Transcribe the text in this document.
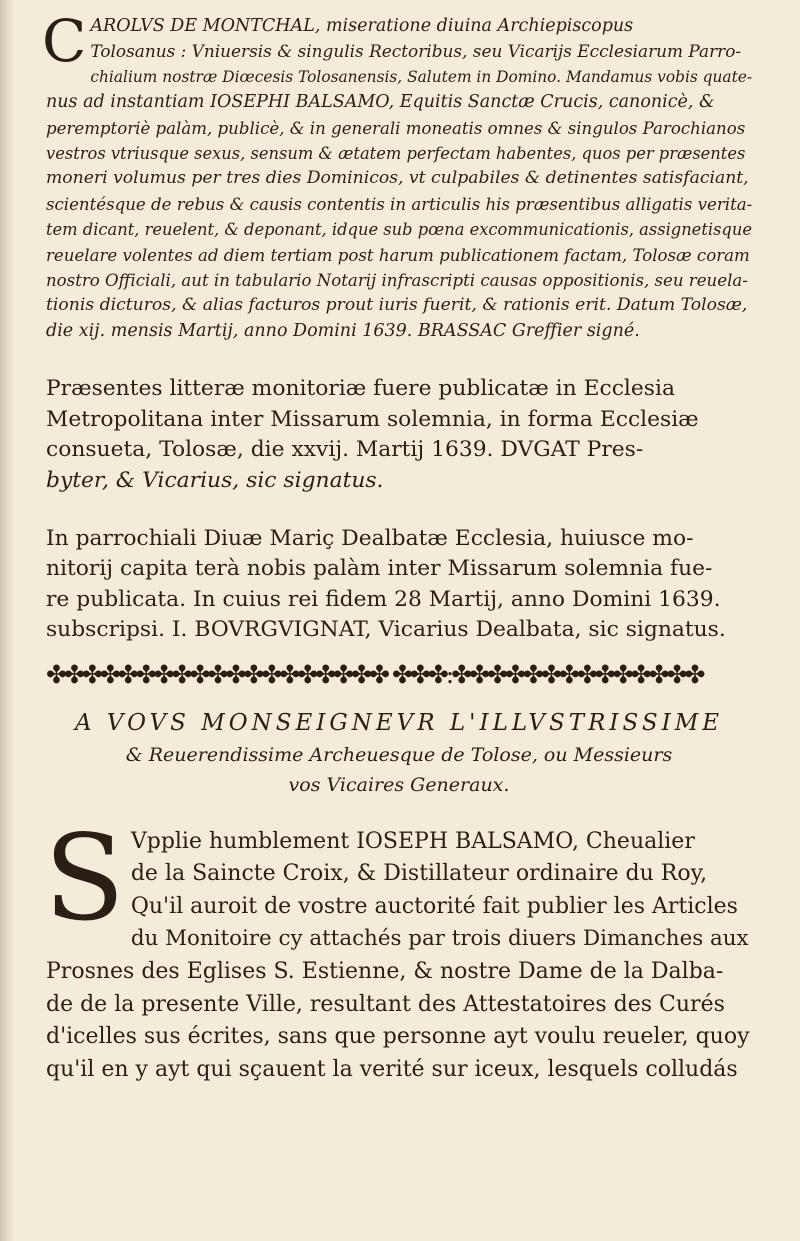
C AROLVS DE MONTCHAL, miseratione diuina Archiepiscopus
Tolosanus : Vniuersis & singulis Rectoribus, seu Vicarijs Ecclesiarum Parro-
chialium nostræ Diœcesis Tolosanensis, Salutem in Domino. Mandamus vobis quate-
nus ad instantiam IOSEPHI BALSAMO, Equitis Sanctæ Crucis, canonicè, &
peremptoriè palàm, publicè, & in generali moneatis omnes & singulos Parochianos
vestros vtriusque sexus, sensum & ætatem perfectam habentes, quos per præsentes
moneri volumus per tres dies Dominicos, vt culpabiles & detinentes satisfaciant,
scientésque de rebus & causis contentis in articulis his præsentibus alligatis verita-
tem dicant, reuelent, & deponant, idque sub pœna excommunicationis, assignetisque
reuelare volentes ad diem tertiam post harum publicationem factam, Tolosæ coram
nostro Officiali, aut in tabulario Notarij infrascripti causas oppositionis, seu reuela-
tionis dicturos, & alias facturos prout iuris fuerit, & rationis erit. Datum Tolosæ,
die xij. mensis Martij, anno Domini 1639. BRASSAC Greffier signé.
Præsentes litteræ monitoriæ fuere publicatæ in Ecclesia
Metropolitana inter Missarum solemnia, in forma Ecclesiæ
consueta, Tolosæ, die xxvij. Martij 1639. DVGAT Pres-
byter, & Vicarius, sic signatus.
In parrochiali Diuæ Mariç Dealbatæ Ecclesia, huiusce mo-
nitorij capita terà nobis palàm inter Missarum solemnia fue-
re publicata. In cuius rei fidem 28 Martij, anno Domini 1639.
subscripsi. I. BOVRGVIGNAT, Vicarius Dealbata, sic signatus.
✤✤✤✤✤✤✤✤✤✤✤✤✤✤✤✤✤✤✤ ✤✤✤:✤✤✤✤✤✤✤✤✤✤✤✤✤✤
A VOVS MONSEIGNEVR L'ILLVSTRISSIME
& Reuerendissime Archeuesque de Tolose, ou Messieurs
vos Vicaires Generaux.
S Vpplie humblement IOSEPH BALSAMO, Cheualier
de la Saincte Croix, & Distillateur ordinaire du Roy,
Qu'il auroit de vostre auctorité fait publier les Articles
du Monitoire cy attachés par trois diuers Dimanches aux
Prosnes des Eglises S. Estienne, & nostre Dame de la Dalba-
de de la presente Ville, resultant des Attestatoires des Curés
d'icelles sus écrites, sans que personne ayt voulu reueler, quoy
qu'il en y ayt qui sçauent la verité sur iceux, lesquels colludás
